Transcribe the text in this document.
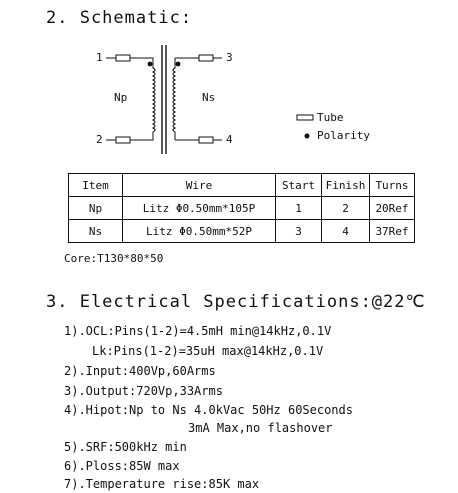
2. Schematic:
1
2
3
4
Np	Ns
Tube
Polarity
Item	Wire	Start	Finish	Turns
Np	Litz Φ0.50mm*105P	1	2	20Ref
Ns	Litz Φ0.50mm*52P	3	4	37Ref
Core:T130*80*50
3. Electrical Specifications:@22℃
1).OCL:Pins(1-2)=4.5mH min@14kHz,0.1V
Lk:Pins(1-2)=35uH max@14kHz,0.1V
2).Input:400Vp,60Arms
3).Output:720Vp,33Arms
4).Hipot:Np to Ns 4.0kVac 50Hz 60Seconds
3mA Max,no flashover
5).SRF:500kHz min
6).Ploss:85W max
7).Temperature rise:85K max
